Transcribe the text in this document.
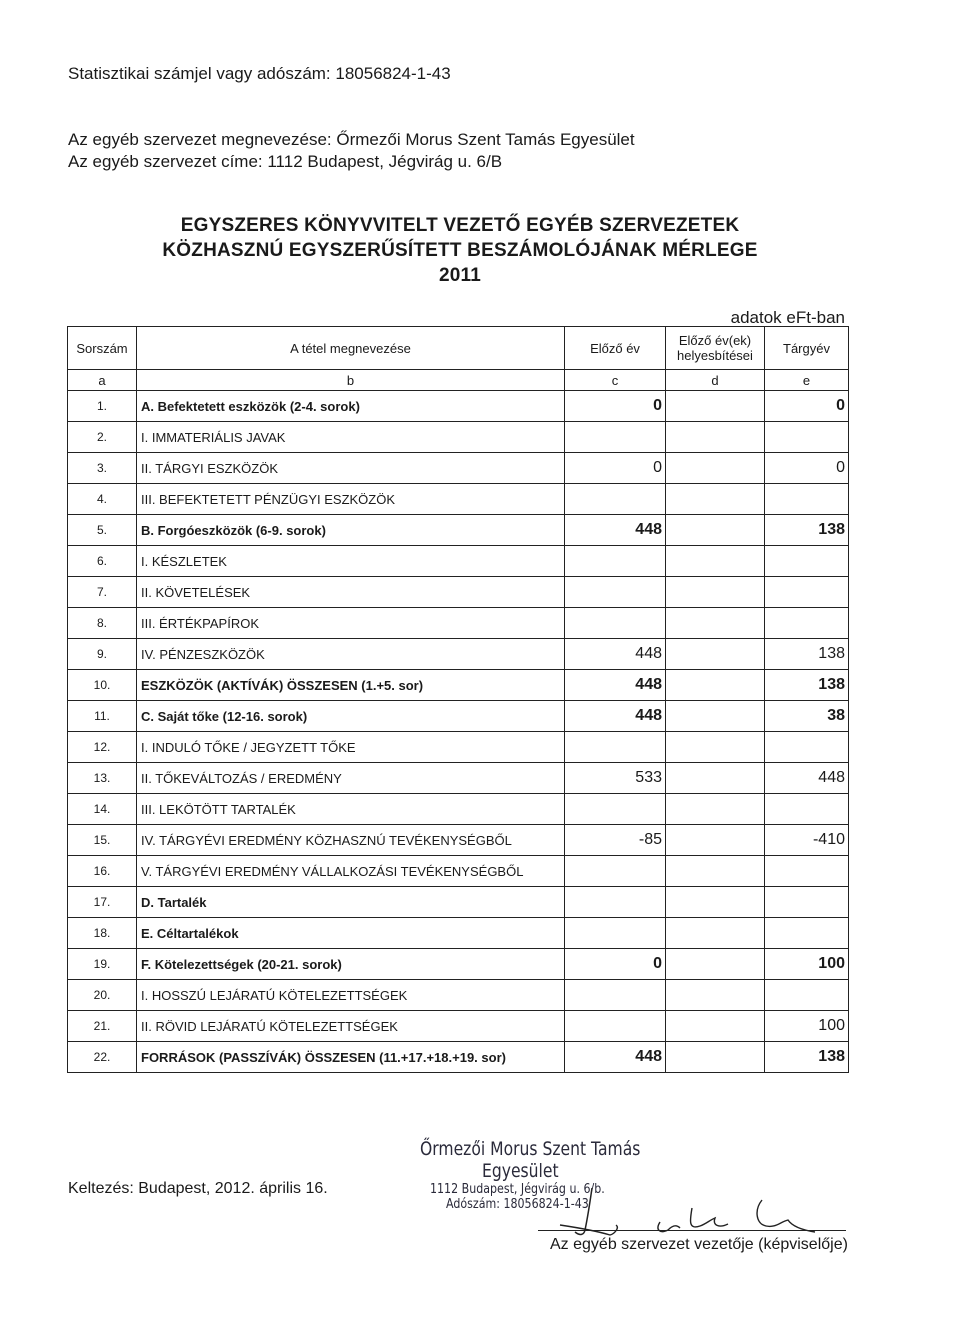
Statisztikai számjel vagy adószám: 18056824-1-43
Az egyéb szervezet megnevezése: Őrmezői Morus Szent Tamás Egyesület
Az egyéb szervezet címe: 1112 Budapest, Jégvirág u. 6/B
EGYSZERES KÖNYVVITELT VEZETŐ EGYÉB SZERVEZETEK
KÖZHASZNÚ EGYSZERŰSÍTETT BESZÁMOLÓJÁNAK MÉRLEGE
2011
adatok eFt-ban
Sorszám	A tétel megnevezése	Előző év	Előző év(ek)
helyesbítései	Tárgyév
a	b	c	d	e
1.	A. Befektetett eszközök (2-4. sorok)	0		0
2.	I. IMMATERIÁLIS JAVAK			
3.	II. TÁRGYI ESZKÖZÖK	0		0
4.	III. BEFEKTETETT PÉNZÜGYI ESZKÖZÖK			
5.	B. Forgóeszközök (6-9. sorok)	448		138
6.	I. KÉSZLETEK			
7.	II. KÖVETELÉSEK			
8.	III. ÉRTÉKPAPÍROK			
9.	IV. PÉNZESZKÖZÖK	448		138
10.	ESZKÖZÖK (AKTÍVÁK) ÖSSZESEN (1.+5. sor)	448		138
11.	C. Saját tőke (12-16. sorok)	448		38
12.	I. INDULÓ TŐKE / JEGYZETT TŐKE			
13.	II. TŐKEVÁLTOZÁS / EREDMÉNY	533		448
14.	III. LEKÖTÖTT TARTALÉK			
15.	IV. TÁRGYÉVI EREDMÉNY KÖZHASZNÚ TEVÉKENYSÉGBŐL	-85		-410
16.	V. TÁRGYÉVI EREDMÉNY VÁLLALKOZÁSI TEVÉKENYSÉGBŐL			
17.	D. Tartalék			
18.	E. Céltartalékok			
19.	F. Kötelezettségek (20-21. sorok)	0		100
20.	I. HOSSZÚ LEJÁRATÚ KÖTELEZETTSÉGEK			
21.	II. RÖVID LEJÁRATÚ KÖTELEZETTSÉGEK			100
22.	FORRÁSOK (PASSZÍVÁK) ÖSSZESEN (11.+17.+18.+19. sor)	448		138
Keltezés: Budapest, 2012. április 16.
Őrmezői Morus Szent Tamás
Egyesület
1112 Budapest, Jégvirág u. 6/b.
Adószám: 18056824-1-43
Az egyéb szervezet vezetője (képviselője)
